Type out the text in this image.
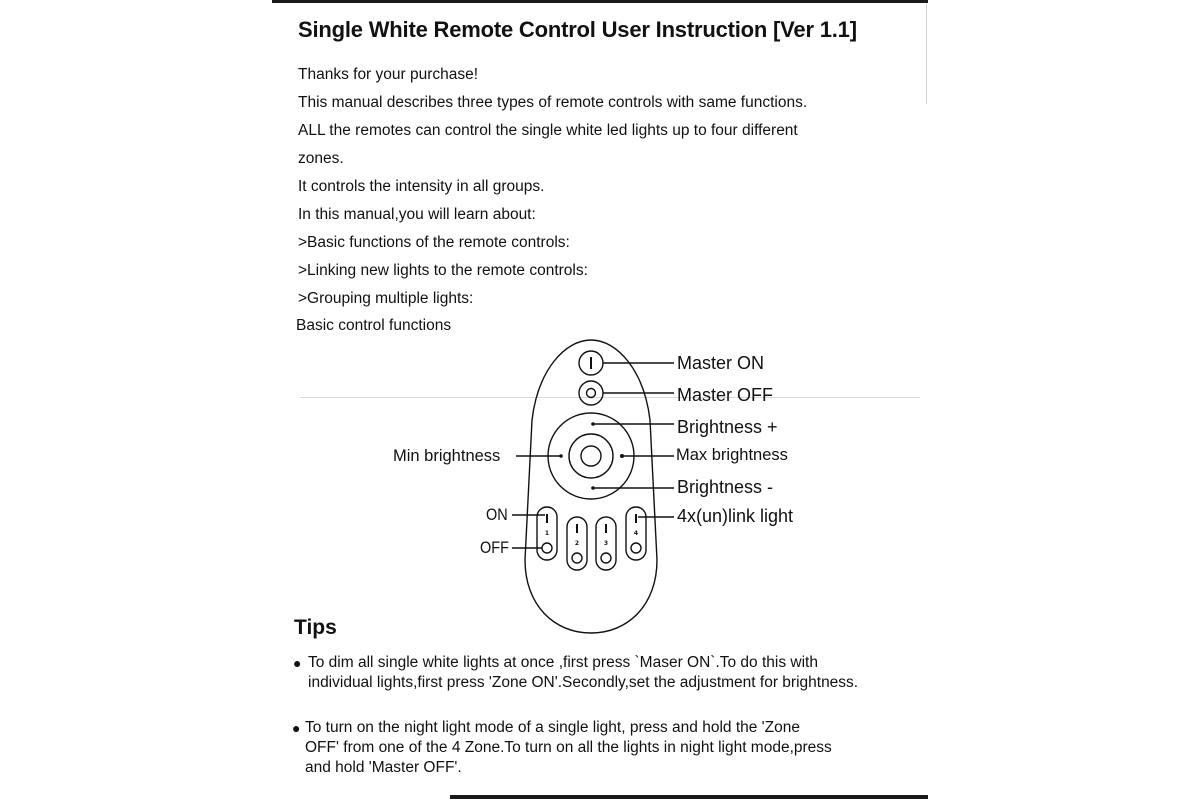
Single White Remote Control User Instruction [Ver 1.1]
Thanks for your purchase!
This manual describes three types of remote controls with same functions.
ALL the remotes can control the single white led lights up to four different
zones.
It controls the intensity in all groups.
In this manual,you will learn about:
>Basic functions of the remote controls:
>Linking new lights to the remote controls:
>Grouping multiple lights:
Basic control functions
1
2	3
4
Master ON
Master OFF
Brightness +
Max brightness
Brightness -
4x(un)link light
Min brightness
ON
OFF
Tips
● To dim all single white lights at once ,first press `Maser ON`.To do this with
individual lights,first press 'Zone ON'.Secondly,set the adjustment for brightness.
● To turn on the night light mode of a single light, press and hold the 'Zone
OFF' from one of the 4 Zone.To turn on all the lights in night light mode,press
and hold 'Master OFF'.
